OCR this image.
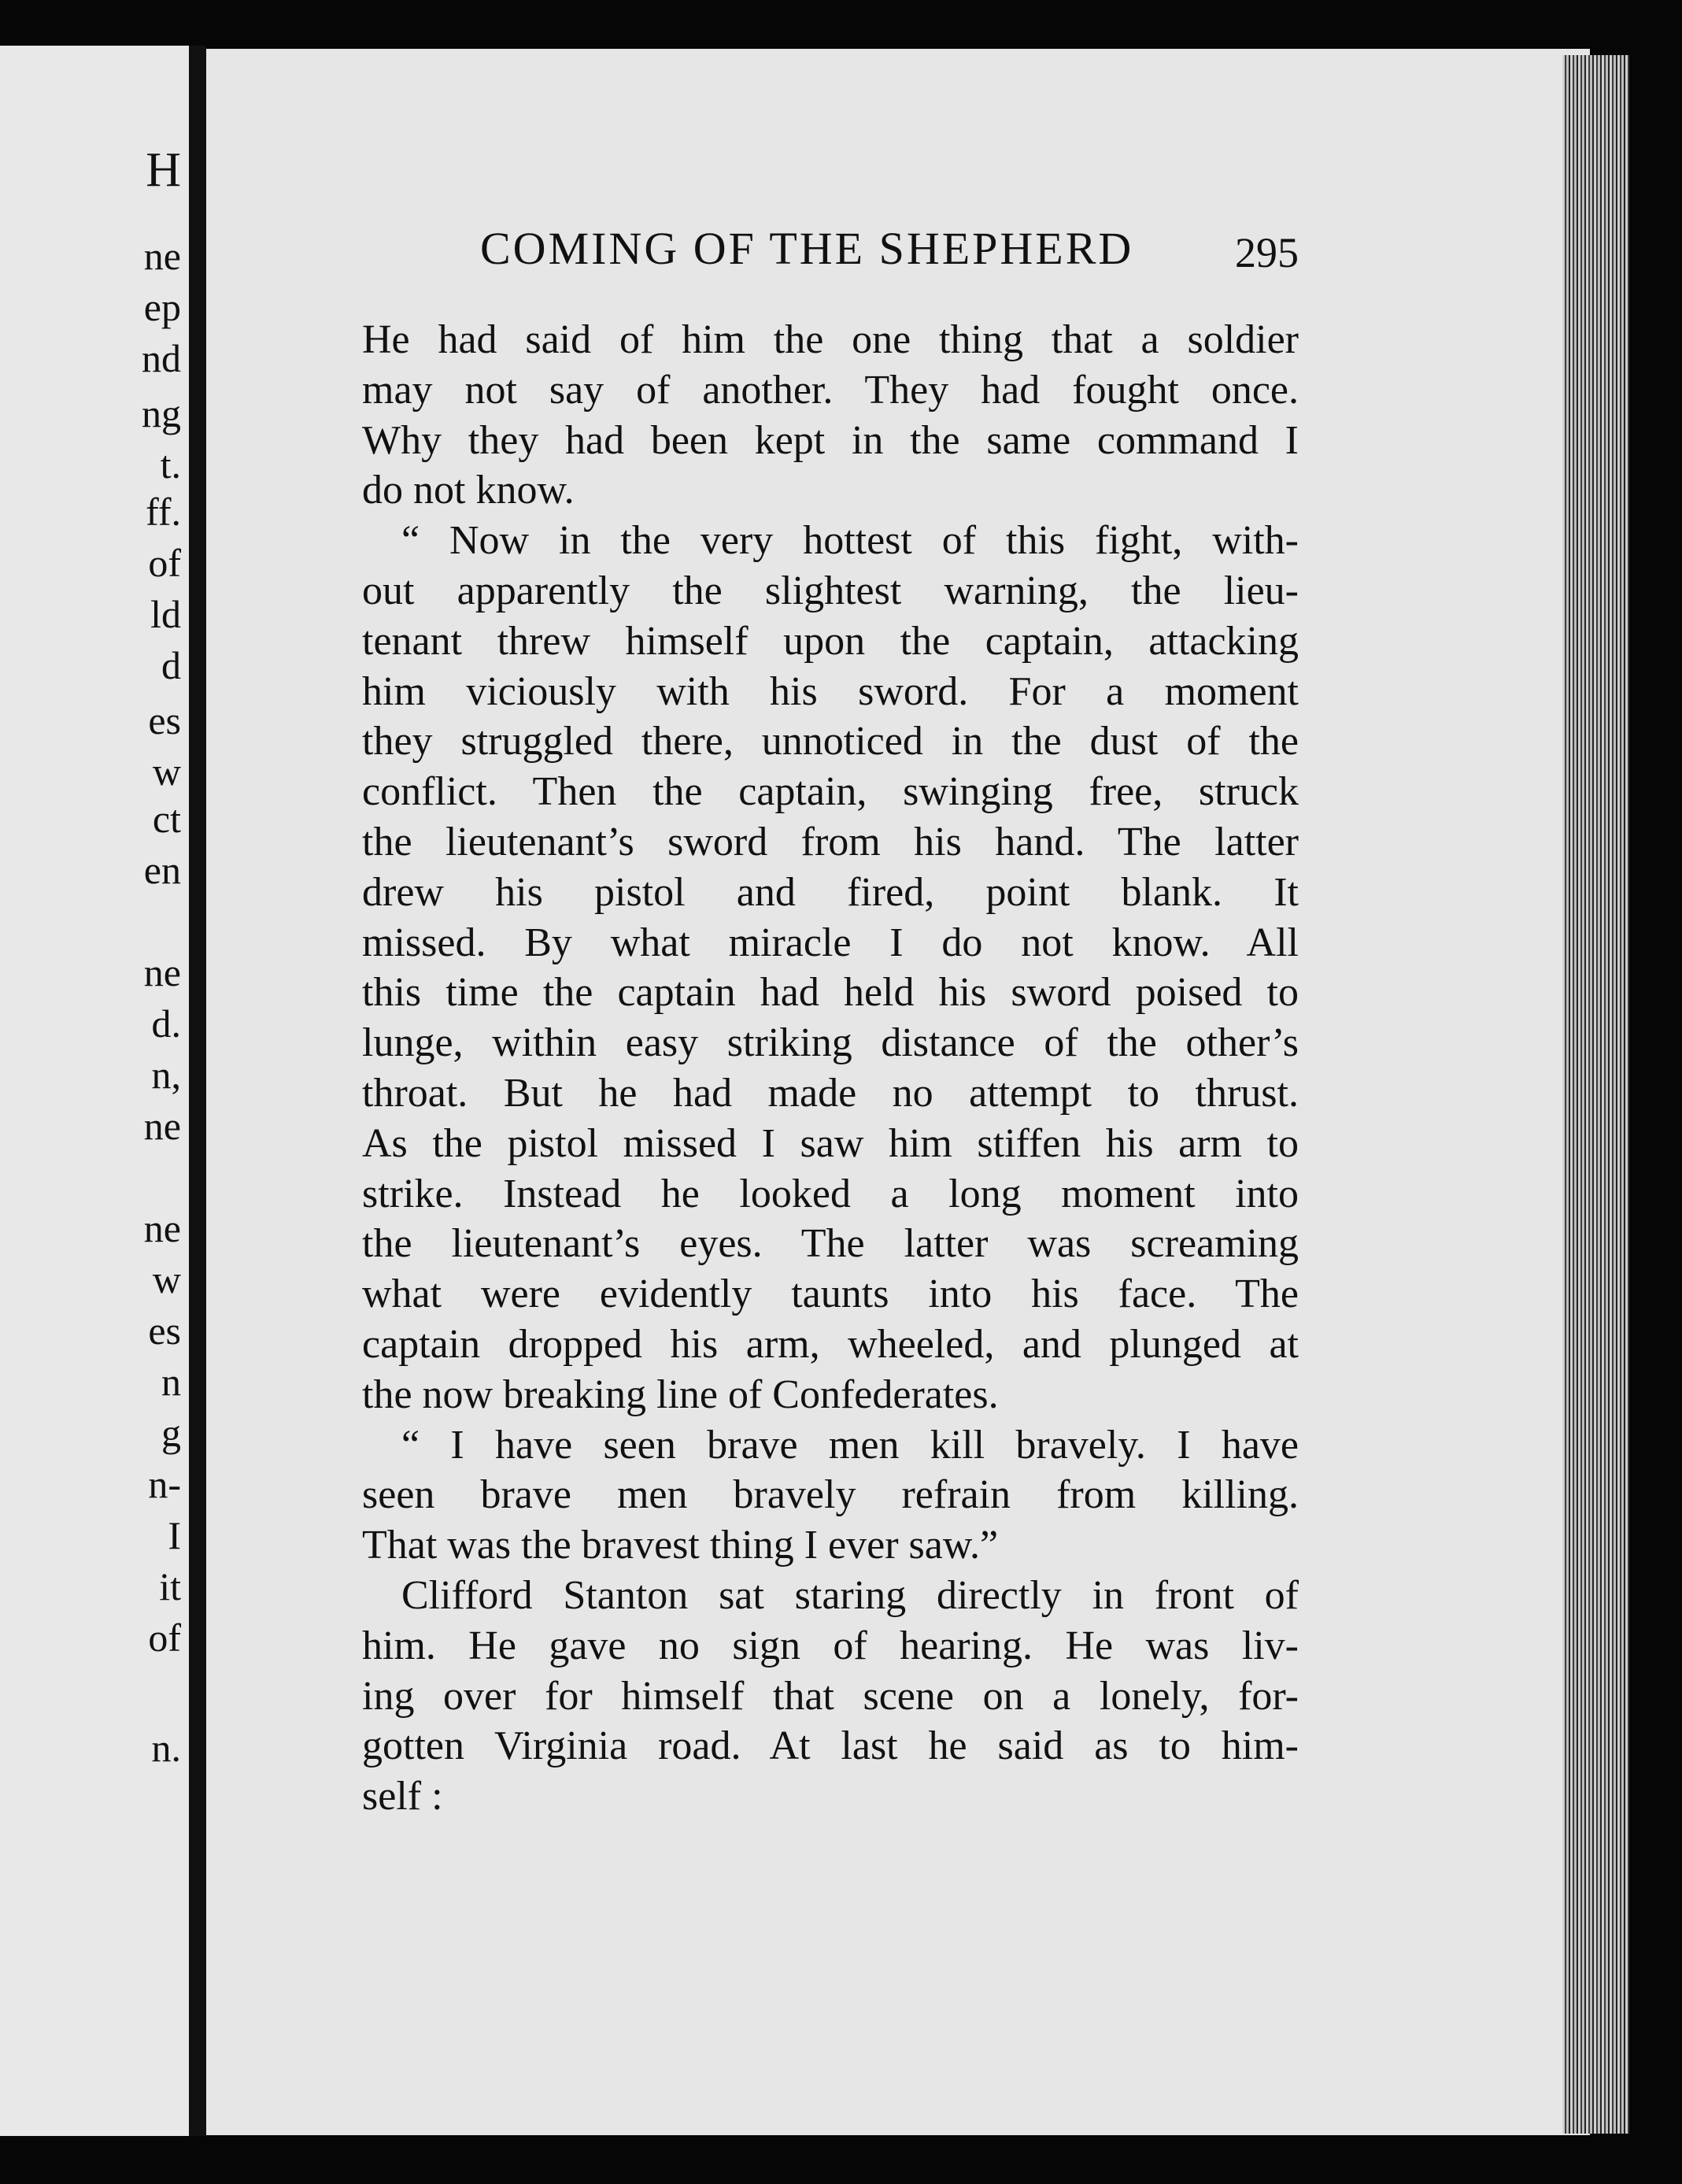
H
ne
ep
nd
ng
t.
ff.
of
ld
d
es
w
ct
en
ne
d.
n,
ne
ne
w
es
n
g
n-
I
it
of
n.
COMING OF THE SHEPHERD 295
He had said of him the one thing that a soldier
may not say of another. They had fought once.
Why they had been kept in the same command I
do not know.
“ Now in the very hottest of this fight, with-
out apparently the slightest warning, the lieu-
tenant threw himself upon the captain, attacking
him viciously with his sword. For a moment
they struggled there, unnoticed in the dust of the
conflict. Then the captain, swinging free, struck
the lieutenant’s sword from his hand. The latter
drew his pistol and fired, point blank. It
missed. By what miracle I do not know. All
this time the captain had held his sword poised to
lunge, within easy striking distance of the other’s
throat. But he had made no attempt to thrust.
As the pistol missed I saw him stiffen his arm to
strike. Instead he looked a long moment into
the lieutenant’s eyes. The latter was screaming
what were evidently taunts into his face. The
captain dropped his arm, wheeled, and plunged at
the now breaking line of Confederates.
“ I have seen brave men kill bravely. I have
seen brave men bravely refrain from killing.
That was the bravest thing I ever saw.”
Clifford Stanton sat staring directly in front of
him. He gave no sign of hearing. He was liv-
ing over for himself that scene on a lonely, for-
gotten Virginia road. At last he said as to him-
self :
